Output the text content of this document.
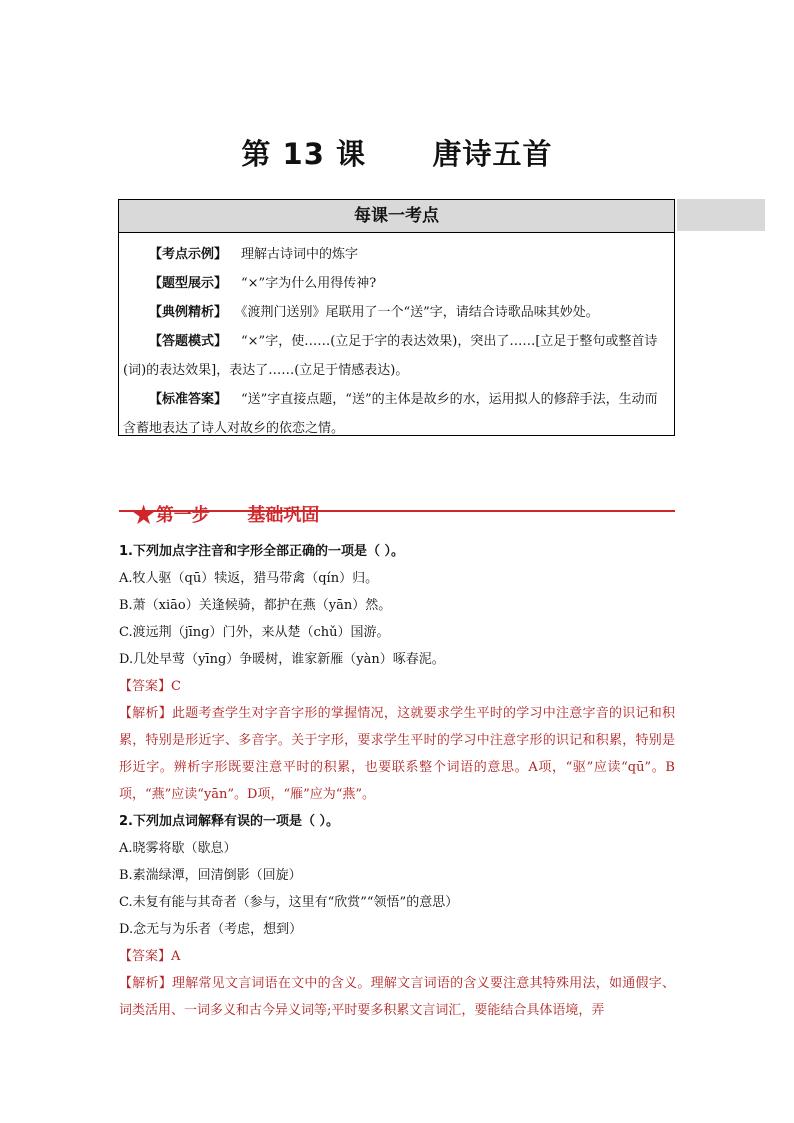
第 13 课      唐诗五首
每课一考点
【考点示例】 理解古诗词中的炼字
【题型展示】 “×”字为什么用得传神?
【典例精析】 《渡荆门送别》尾联用了一个“送”字，请结合诗歌品味其妙处。
【答题模式】 “×”字，使……(立足于字的表达效果)，突出了……[立足于整句或整首诗(词)的表达效果]，表达了……(立足于情感表达)。
【标准答案】 “送”字直接点题，“送”的主体是故乡的水，运用拟人的修辞手法，生动而含蓄地表达了诗人对故乡的依恋之情。

★第一步      基础巩固

1.下列加点字注音和字形全部正确的一项是（ ）。
A.牧人驱（qū）犊返，猎马带禽（qín）归。
B.萧（xiāo）关逢候骑，都护在燕（yān）然。
C.渡远荆（jīng）门外，来从楚（chǔ）国游。
D.几处早莺（yīng）争暖树，谁家新雁（yàn）啄春泥。
【答案】C
【解析】此题考查学生对字音字形的掌握情况，这就要求学生平时的学习中注意字音的识记和积累，特别是形近字、多音字。关于字形，要求学生平时的学习中注意字形的识记和积累，特别是形近字。辨析字形既要注意平时的积累，也要联系整个词语的意思。A项，“驱”应读“qū”。B项，“燕”应读“yān”。D项，“雁”应为“燕”。
2.下列加点词解释有误的一项是（ ）。
A.晓雾将歇（歇息）
B.素湍绿潭，回清倒影（回旋）
C.未复有能与其奇者（参与，这里有“欣赏”“领悟”的意思）
D.念无与为乐者（考虑，想到）
【答案】A
【解析】理解常见文言词语在文中的含义。理解文言词语的含义要注意其特殊用法，如通假字、词类活用、一词多义和古今异义词等;平时要多积累文言词汇，要能结合具体语境，弄
